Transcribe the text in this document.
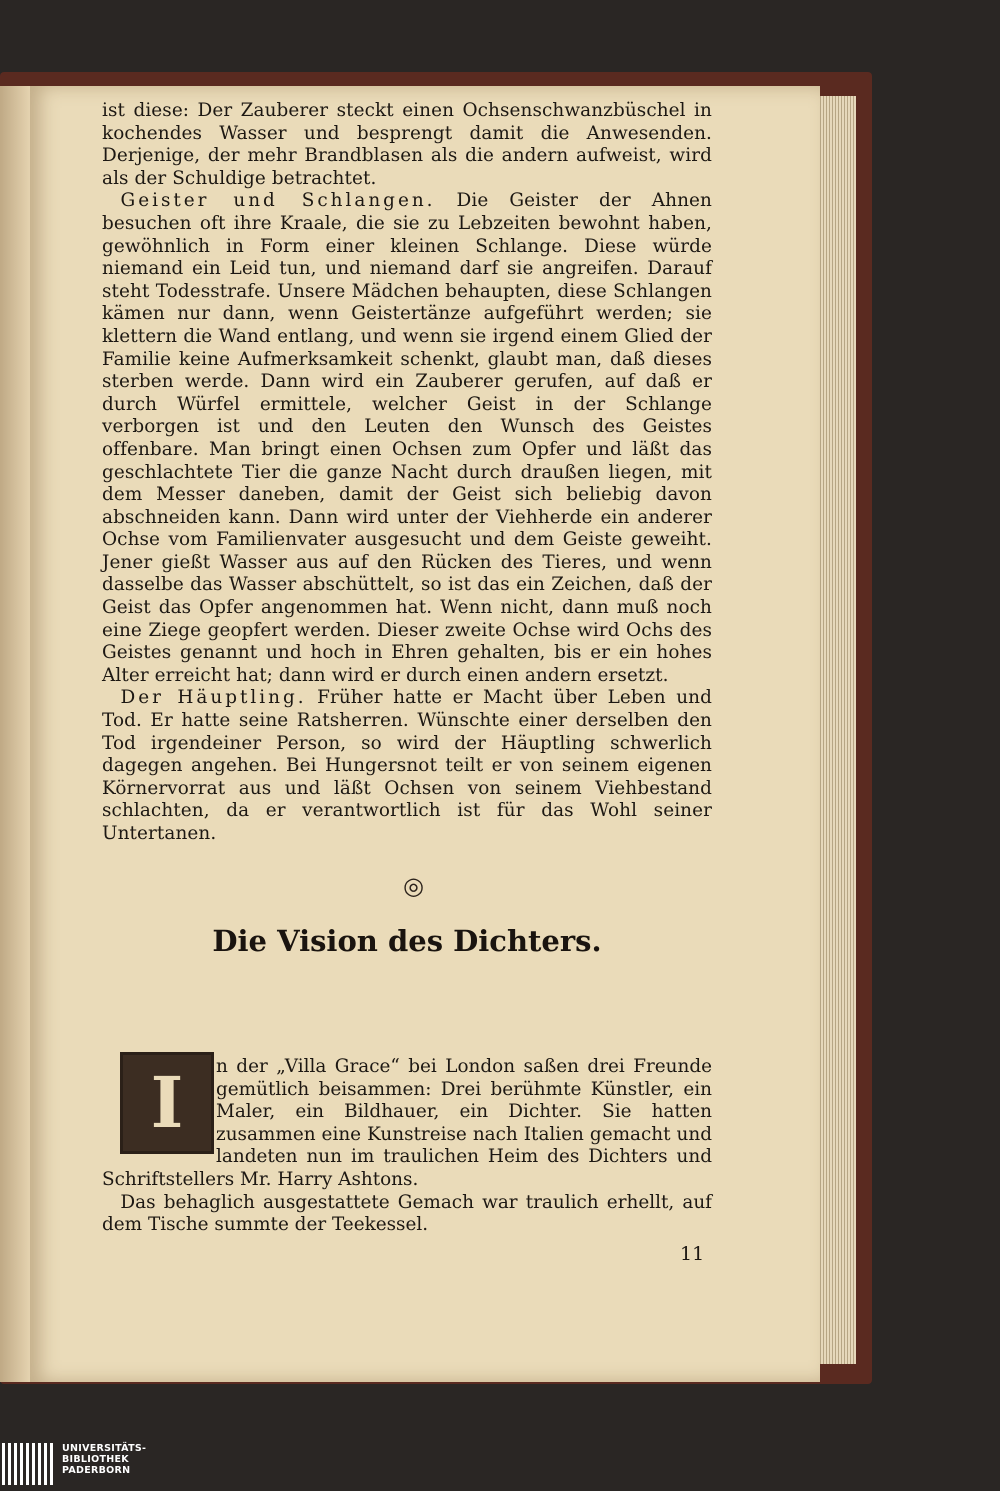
ist diese: Der Zauberer steckt einen Ochsenschwanzbüschel in kochendes Wasser und besprengt damit die Anwesenden. Derjenige, der mehr Brandblasen als die andern aufweist, wird als der Schuldige betrachtet.

 Geister und Schlangen. Die Geister der Ahnen besuchen oft ihre Kraale, die sie zu Lebzeiten bewohnt haben, gewöhnlich in Form einer kleinen Schlange. Diese würde niemand ein Leid tun, und niemand darf sie angreifen. Darauf steht Todesstrafe. Unsere Mädchen behaupten, diese Schlangen kämen nur dann, wenn Geistertänze aufgeführt werden; sie klettern die Wand entlang, und wenn sie irgend einem Glied der Familie keine Aufmerksamkeit schenkt, glaubt man, daß dieses sterben werde. Dann wird ein Zauberer gerufen, auf daß er durch Würfel ermittele, welcher Geist in der Schlange verborgen ist und den Leuten den Wunsch des Geistes offenbare. Man bringt einen Ochsen zum Opfer und läßt das geschlachtete Tier die ganze Nacht durch draußen liegen, mit dem Messer daneben, damit der Geist sich beliebig davon abschneiden kann. Dann wird unter der Viehherde ein anderer Ochse vom Familienvater ausgesucht und dem Geiste geweiht. Jener gießt Wasser aus auf den Rücken des Tieres, und wenn dasselbe das Wasser abschüttelt, so ist das ein Zeichen, daß der Geist das Opfer angenommen hat. Wenn nicht, dann muß noch eine Ziege geopfert werden. Dieser zweite Ochse wird Ochs des Geistes genannt und hoch in Ehren gehalten, bis er ein hohes Alter erreicht hat; dann wird er durch einen andern ersetzt.

 Der Häuptling. Früher hatte er Macht über Leben und Tod. Er hatte seine Ratsherren. Wünschte einer derselben den Tod irgendeiner Person, so wird der Häuptling schwerlich dagegen angehen. Bei Hungersnot teilt er von seinem eigenen Körnervorrat aus und läßt Ochsen von seinem Viehbestand schlachten, da er verantwortlich ist für das Wohl seiner Untertanen.

◎
Die Vision des Dichters.
I	n der „Villa Grace“ bei London saßen drei Freunde gemütlich beisammen: Drei berühmte Künstler, ein Maler, ein Bildhauer, ein Dichter. Sie hatten zusammen eine Kunstreise nach Italien gemacht und landeten nun im traulichen Heim des Dichters und Schriftstellers Mr. Harry Ashtons.

 Das behaglich ausgestattete Gemach war traulich erhellt, auf dem Tische summte der Teekessel.

11
UNIVERSITÄTS-
BIBLIOTHEK
PADERBORN
